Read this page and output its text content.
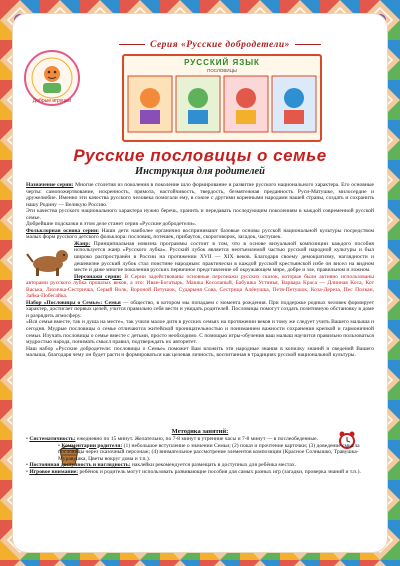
Серия «Русские добродетели»
Добрые игрушки
РУССКИЙ ЯЗЫК
ПОСЛОВИЦЫ
Русские пословицы о семье
Инструкция для родителей

Назначение серии: Многие столетия из поколения в поколение шло формирование и развитие русского национального характера. Его основные черты: самопожертвование, искренность, прямота, настойчивость, твердость, безмятежная преданность Руси-Матушке, милосердие и дружелюбие. Именно эти качества русского человека помогали ему, в союзе с другими коренными народами нашей страны, создать и сохранить нашу Родину — Великую Россию.

Эти качества русского национального характера нужно беречь, хранить и передавать последующим поколениям в каждой современной русской семье.

Добрейшие подсказки в этом деле станет серия «Русские добродетели».

Фольклорная основа серии: Наши дети наиболее органично воспринимают базовые основы русской национальной культуры посредством малых форм русского детского фольклора: пословиц, потешек, прибауток, скороговорок, загадок, частушек.

Жанр: Принципиальная новизна программы состоит в том, что в основе визуальной композиции каждого пособия используется жанр «Русского лубка». Русский лубок является неотъемлемой частью русской народной культуры и был широко распространён в России на протяжении XVII — XIX веков. Благодаря своему демократизму, наглядности и дешевизне русский лубок стал поистине народным: практически в каждой русской крестьянской избе он висел на видном месте и даже многие поколения русских первичное представление об окружающем мире, добре и зле, правильном и ложном.

Персонажи серии: В Серии задействованы основные персонажи русских сказок, которые были активно использованы авторами русского лубка прошлых веков, а это: Иван-Богатырь, Машка Косолапый, Бабушка Устинья, Варвара Краса — Длинная Коса, Кот Васька, Лисичка-Сестричка, Серый Волк, Вороной Петушок, Сударыня Сова, Сестрица Алёнушка, Петя-Петушок, Коза-Дереза, Пес Полкан, Зайка-Побегайка.

Набор «Пословицы о Семье»: Семья — общество, в котором мы попадаем с момента рождения. При поддержке родных человек формирует характер, достигает первых целей, учится правильно себя вести и увидать родителей. Пословицы помогут создать позитивную обстановку в доме и разрядить атмосферу.

«Вся семья вместе, так и душа на месте», так учили малое дитя в русских семьях на протяжении веков и тому же следует учить Вашего малыша и сегодня. Мудрые пословицы о семье отличаются житейской проницательностью и пониманием важности сохранения крепкой и гармоничной семьи. Изучать пословицы о семье вместе с детьми, просто необходимо. С помощью игры-обучения ваш малыш научится правильно пользоваться мудростью народа, понимать смысл правил, подтверждать их авторитет.

Наш набор «Русские добродетели: пословицы о Семье» поможет Вам вложить эти народные знания в копилку знаний и сведений Вашего малыша, благодаря чему он будет расти и формироваться как целевая личность, воспитанная в традициях русской национальной культуры.

Методика занятий:

• Систематичность: ежедневно по 15 минут. Желательно, по 7-8 минут в утренние часы и 7-8 минут — в послеобеденные.

• Комментарии родителя: (1) небольшое вступление о значении Семьи; (2) показ и прочтение карточки; (3) доведение смысла пословицы через сказочный персонаж; (4) внимательное рассмотрение элементов композиции (Красное Солнышко, Травушка-Муравушка, Цветы вокруг дома и т.п.).

• Постоянная доступность и наглядность: наклейки рекомендуется размещать в доступных для ребёнка местах.

• Игровое внимание: ребёнок и родитель могут использовать развивающие пособия для самых разных игр (загадки, проверка знаний и т.п.).
